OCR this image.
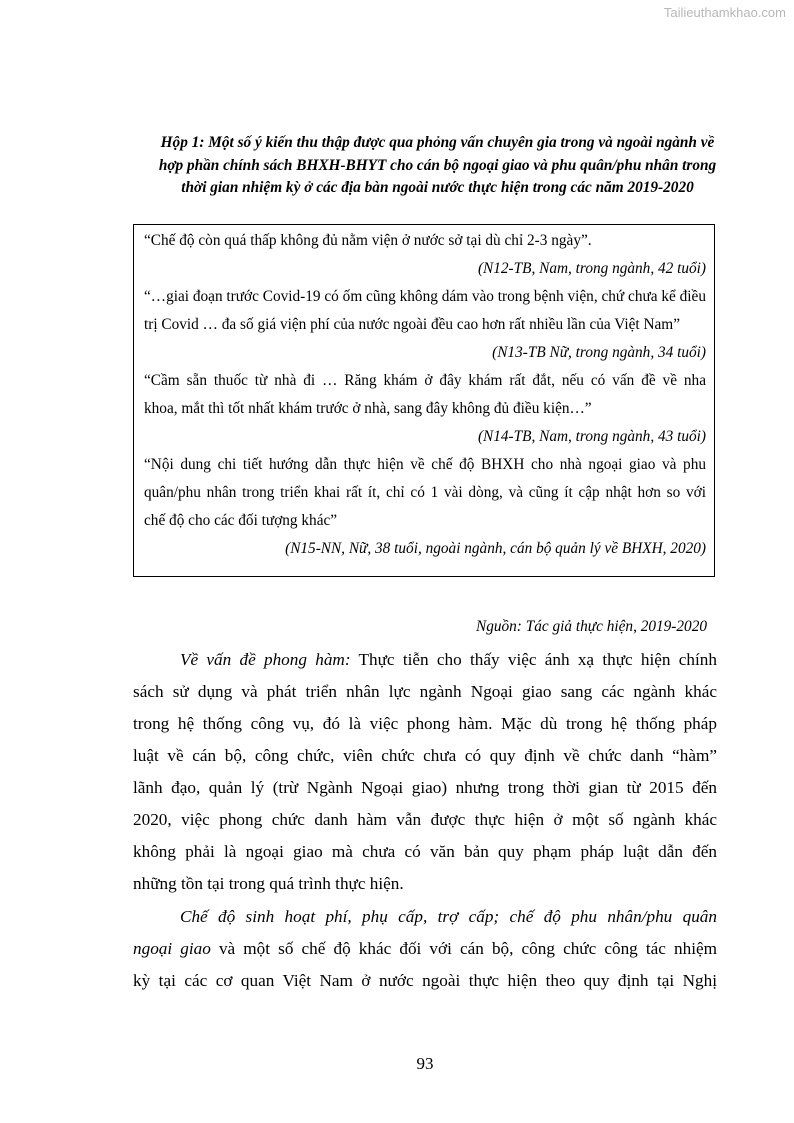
Tailieuthamkhao.com
Hộp 1: Một số ý kiến thu thập được qua phỏng vấn chuyên gia trong và ngoài ngành về
hợp phần chính sách BHXH-BHYT cho cán bộ ngoại giao và phu quân/phu nhân trong
thời gian nhiệm kỳ ở các địa bàn ngoài nước thực hiện trong các năm 2019-2020
“Chế độ còn quá thấp không đủ nằm viện ở nước sở tại dù chỉ 2-3 ngày”.
(N12-TB, Nam, trong ngành, 42 tuổi)
“…giai đoạn trước Covid-19 có ốm cũng không dám vào trong bệnh viện, chứ chưa kể điều
trị Covid … đa số giá viện phí của nước ngoài đều cao hơn rất nhiều lần của Việt Nam”
(N13-TB Nữ, trong ngành, 34 tuổi)
“Cầm sẵn thuốc từ nhà đi … Răng khám ở đây khám rất đắt, nếu có vấn đề về nha
khoa, mắt thì tốt nhất khám trước ở nhà, sang đây không đủ điều kiện…”
(N14-TB, Nam, trong ngành, 43 tuổi)
“Nội dung chi tiết hướng dẫn thực hiện về chế độ BHXH cho nhà ngoại giao và phu
quân/phu nhân trong triển khai rất ít, chỉ có 1 vài dòng, và cũng ít cập nhật hơn so với
chế độ cho các đối tượng khác”
(N15-NN, Nữ, 38 tuổi, ngoài ngành, cán bộ quản lý về BHXH, 2020)
Nguồn: Tác giả thực hiện, 2019-2020
Về vấn đề phong hàm: Thực tiễn cho thấy việc ánh xạ thực hiện chính
sách sử dụng và phát triển nhân lực ngành Ngoại giao sang các ngành khác
trong hệ thống công vụ, đó là việc phong hàm. Mặc dù trong hệ thống pháp
luật về cán bộ, công chức, viên chức chưa có quy định về chức danh “hàm”
lãnh đạo, quản lý (trừ Ngành Ngoại giao) nhưng trong thời gian từ 2015 đến
2020, việc phong chức danh hàm vẫn được thực hiện ở một số ngành khác
không phải là ngoại giao mà chưa có văn bản quy phạm pháp luật dẫn đến
những tồn tại trong quá trình thực hiện.
Chế độ sinh hoạt phí, phụ cấp, trợ cấp; chế độ phu nhân/phu quân
ngoại giao và một số chế độ khác đối với cán bộ, công chức công tác nhiệm
kỳ tại các cơ quan Việt Nam ở nước ngoài thực hiện theo quy định tại Nghị
93
